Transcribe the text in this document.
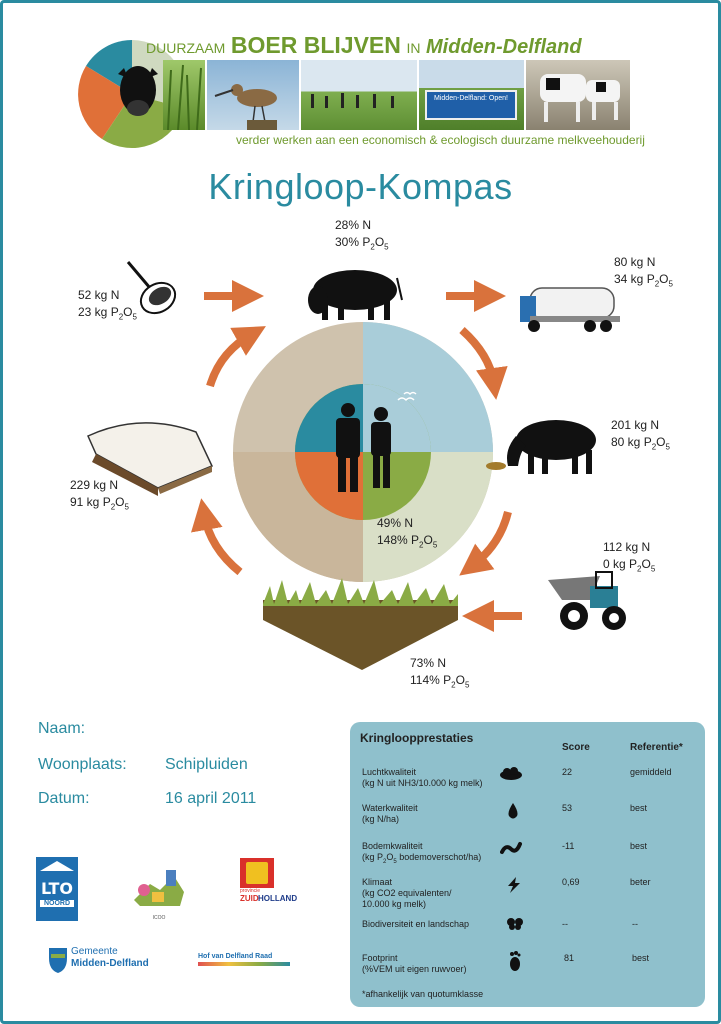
DUURZAAM BOER BLIJVEN IN Midden-Delfland
Midden-Delfland: Open!
verder werken aan een economisch & ecologisch duurzame melkveehouderij
Kringloop-Kompas
28% N
30% $P_2O_5$
52 kg N
23 kg $P_2O_5$
80 kg N
34 kg $P_2O_5$
201 kg N
80 kg $P_2O_5$
112 kg N
0 kg $P_2O_5$
229 kg N
91 kg $P_2O_5$
49% N
148% $P_2O_5$
73% N
114% $P_2O_5$
Naam:
Woonplaats: Schipluiden
Datum:	16 april 2011
LTO
NOORD
ICOO
provincie
ZUID HOLLAND
Gemeente
Midden-Delfland
Hof van Delfland Raad
Kringloopprestaties
Score	Referentie*
Luchtkwaliteit
(kg N uit NH3/10.000 kg melk)
22	gemiddeld
Waterkwaliteit
(kg N/ha)
53	best
Bodemkwaliteit
(kg $P_2O_5$ bodemoverschot/ha)
-11	best
Klimaat
(kg CO2 equivalenten/
10.000 kg melk)
0,69	beter
Biodiversiteit en landschap	--	--
Footprint
(%VEM uit eigen ruwvoer)
81	best
*afhankelijk van quotumklasse
